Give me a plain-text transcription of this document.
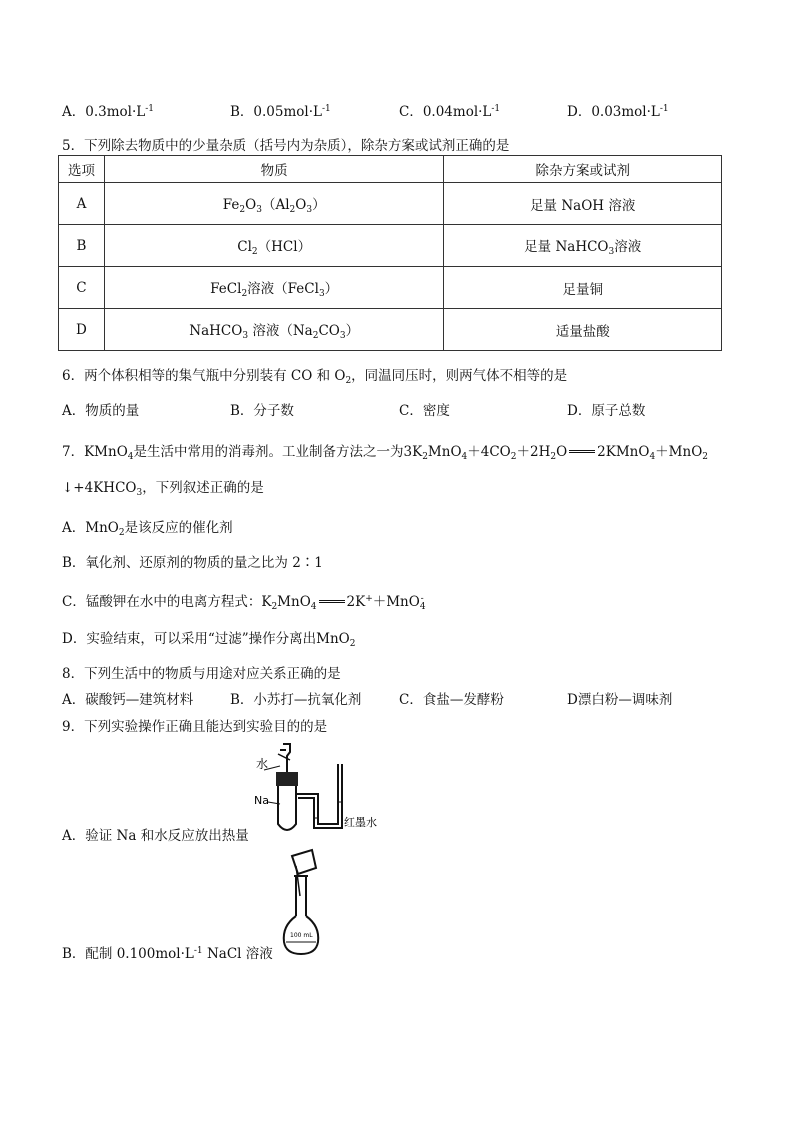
A．$0.3mol\cdot L^{-1}$	B．$0.05mol\cdot L^{-1}$	C．$0.04mol\cdot L^{-1}$	D．$0.03mol\cdot L^{-1}$
5．下列除去物质中的少量杂质（括号内为杂质），除杂方案或试剂正确的是
选项	物质	除杂方案或试剂
A	$Fe_2O_3(Al_2O_3)$	足量 NaOH 溶液
B	$Cl_2(HCl)$	足量 NaHCO$_3$溶液
C	FeCl$_2$溶液（FeCl$_3$）	足量铜
D	NaHCO$_3$ 溶液$(Na_2CO_3)$	适量盐酸
6．两个体积相等的集气瓶中分别装有 CO 和 $O_2$，同温同压时，则两气体不相等的是
A．物质的量	B．分子数	C．密度	D．原子总数
7．KMnO$_4$是生活中常用的消毒剂。工业制备方法之一为$3K_2MnO_4+4CO_2+2H_2O$ 2KMnO$_4$＋MnO$_2$
$↓+4KHCO_3$，下列叙述正确的是
A．MnO$_2$是该反应的催化剂
B．氧化剂、还原剂的物质的量之比为 2∶1
C．锰酸钾在水中的电离方程式：$K_2MnO_4$ 2K+＋MnO$_4$-
D．实验结束，可以采用“过滤”操作分离出MnO$_2$
8．下列生活中的物质与用途对应关系正确的是
A．碳酸钙—建筑材料	B．小苏打—抗氧化剂	C．食盐—发酵粉	D漂白粉—调味剂
9．下列实验操作正确且能达到实验目的的是
水
Na
红墨水
A．验证 Na 和水反应放出热量
100 mL
B．配制 $0.100mol\cdot L^{-1}$ NaCl 溶液
